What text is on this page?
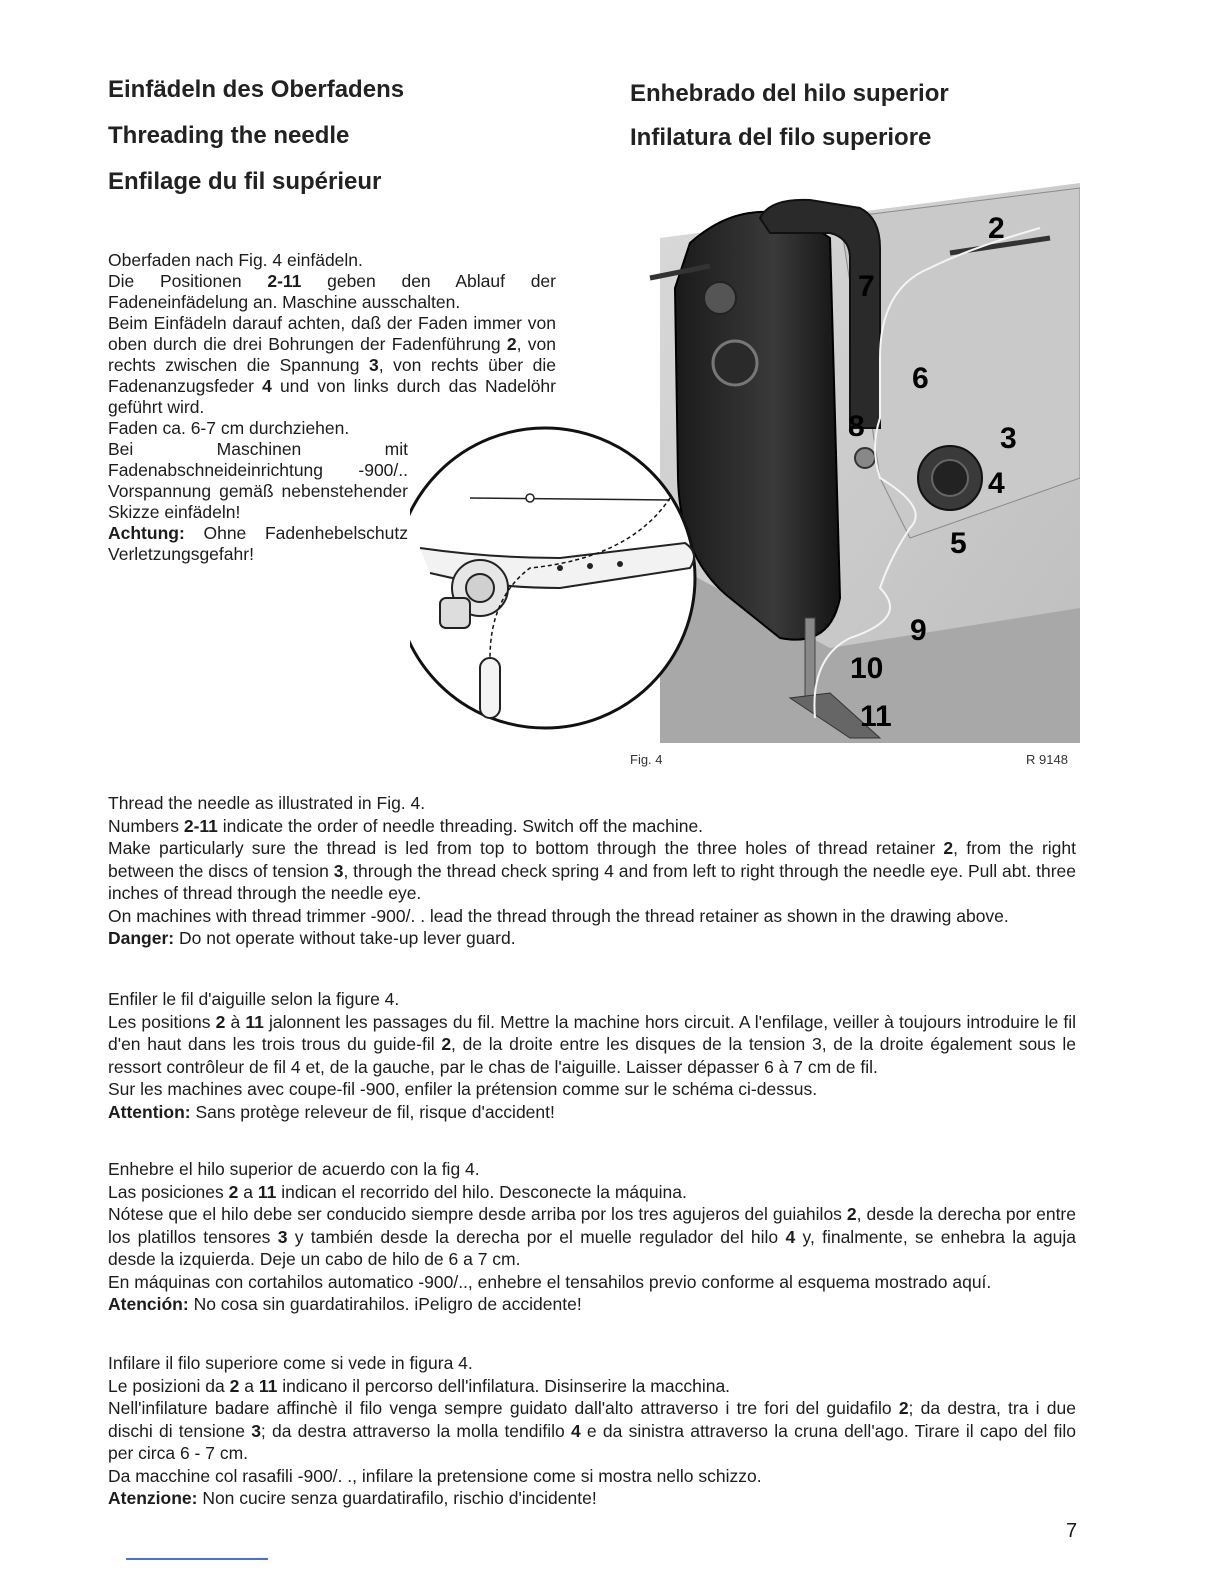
Einfädeln des Oberfadens
Threading the needle
Enfilage du fil supérieur
Enhebrado del hilo superior
Infilatura del filo superiore

Oberfaden nach Fig. 4 einfädeln.

Die Positionen 2-11 geben den Ablauf der Fadeneinfädelung an. Maschine ausschalten.

Beim Einfädeln darauf achten, daß der Faden immer von oben durch die drei Bohrungen der Fadenführung 2, von rechts zwischen die Spannung 3, von rechts über die Fadenanzugsfeder 4 und von links durch das Nadelöhr geführt wird.

Faden ca. 6-7 cm durchziehen.

Bei Maschinen mit Fadenabschneideinrichtung -900/.. Vorspannung gemäß nebenstehender Skizze einfädeln!

Achtung: Ohne Fadenhebelschutz Verletzungsgefahr!

2
7
6
8	3
4
5
9
10
11
Fig. 4	R 9148

Thread the needle as illustrated in Fig. 4.

Numbers 2-11 indicate the order of needle threading. Switch off the machine.

Make particularly sure the thread is led from top to bottom through the three holes of thread retainer 2, from the right between the discs of tension 3, through the thread check spring 4 and from left to right through the needle eye. Pull abt. three inches of thread through the needle eye.

On machines with thread trimmer -900/. . lead the thread through the thread retainer as shown in the drawing above.

Danger: Do not operate without take-up lever guard.

Enfiler le fil d'aiguille selon la figure 4.

Les positions 2 à 11 jalonnent les passages du fil. Mettre la machine hors circuit. A l'enfilage, veiller à toujours introduire le fil d'en haut dans les trois trous du guide-fil 2, de la droite entre les disques de la tension 3, de la droite également sous le ressort contrôleur de fil 4 et, de la gauche, par le chas de l'aiguille. Laisser dépasser 6 à 7 cm de fil.

Sur les machines avec coupe-fil -900, enfiler la prétension comme sur le schéma ci-dessus.

Attention: Sans protège releveur de fil, risque d'accident!

Enhebre el hilo superior de acuerdo con la fig 4.

Las posiciones 2 a 11 indican el recorrido del hilo. Desconecte la máquina.

Nótese que el hilo debe ser conducido siempre desde arriba por los tres agujeros del guiahilos 2, desde la derecha por entre los platillos tensores 3 y también desde la derecha por el muelle regulador del hilo 4 y, finalmente, se enhebra la aguja desde la izquierda. Deje un cabo de hilo de 6 a 7 cm.

En máquinas con cortahilos automatico -900/.., enhebre el tensahilos previo conforme al esquema mostrado aquí.

Atención: No cosa sin guardatirahilos. iPeligro de accidente!

Infilare il filo superiore come si vede in figura 4.

Le posizioni da 2 a 11 indicano il percorso dell'infilatura. Disinserire la macchina.

Nell'infilature badare affinchè il filo venga sempre guidato dall'alto attraverso i tre fori del guidafilo 2; da destra, tra i due dischi di tensione 3; da destra attraverso la molla tendifilo 4 e da sinistra attraverso la cruna dell'ago. Tirare il capo del filo per circa 6 - 7 cm.

Da macchine col rasafili -900/. ., infilare la pretensione come si mostra nello schizzo.

Atenzione: Non cucire senza guardatirafilo, rischio d'incidente!

7
